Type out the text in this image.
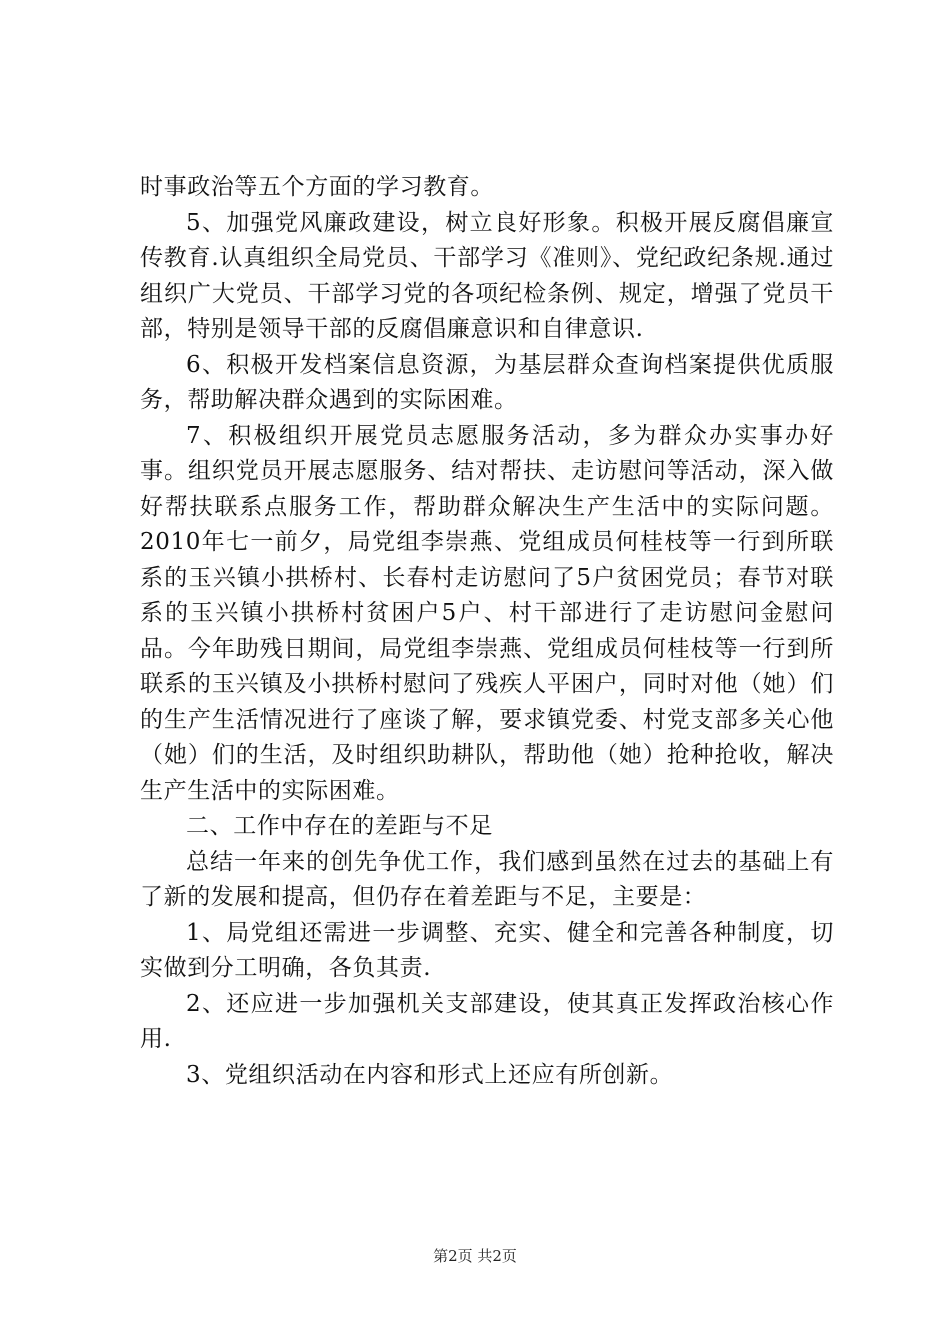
时事政治等五个方面的学习教育。

5、加强党风廉政建设，树立良好形象。积极开展反腐倡廉宣传教育.认真组织全局党员、干部学习《准则》、党纪政纪条规.通过组织广大党员、干部学习党的各项纪检条例、规定，增强了党员干部，特别是领导干部的反腐倡廉意识和自律意识.

6、积极开发档案信息资源，为基层群众查询档案提供优质服务，帮助解决群众遇到的实际困难。

7、积极组织开展党员志愿服务活动，多为群众办实事办好事。组织党员开展志愿服务、结对帮扶、走访慰问等活动，深入做好帮扶联系点服务工作，帮助群众解决生产生活中的实际问题。2010年七一前夕，局党组李崇燕、党组成员何桂枝等一行到所联系的玉兴镇小拱桥村、长春村走访慰问了5户贫困党员；春节对联系的玉兴镇小拱桥村贫困户5户、村干部进行了走访慰问金慰问品。今年助残日期间，局党组李崇燕、党组成员何桂枝等一行到所联系的玉兴镇及小拱桥村慰问了残疾人平困户，同时对他（她）们的生产生活情况进行了座谈了解，要求镇党委、村党支部多关心他（她）们的生活，及时组织助耕队，帮助他（她）抢种抢收，解决生产生活中的实际困难。

二、工作中存在的差距与不足

总结一年来的创先争优工作，我们感到虽然在过去的基础上有了新的发展和提高，但仍存在着差距与不足，主要是：

1、局党组还需进一步调整、充实、健全和完善各种制度，切实做到分工明确，各负其责.

2、还应进一步加强机关支部建设，使其真正发挥政治核心作用.

3、党组织活动在内容和形式上还应有所创新。

第2页 共2页
